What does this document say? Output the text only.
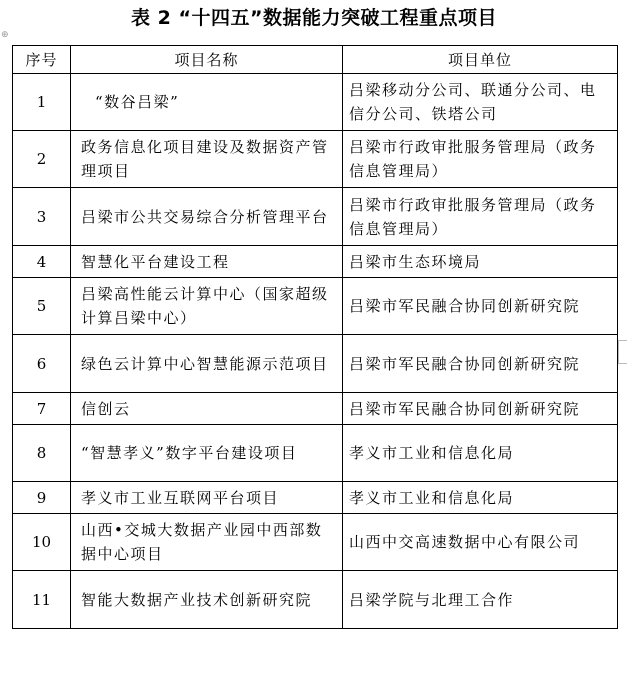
表 2 “十四五”数据能力突破工程重点项目
⊕
序号	项目名称	项目单位
1	“数谷吕梁”	吕梁移动分公司、联通分公司、电信分公司、铁塔公司
2	政务信息化项目建设及数据资产管理项目	吕梁市行政审批服务管理局（政务信息管理局）
3	吕梁市公共交易综合分析管理平台	吕梁市行政审批服务管理局（政务信息管理局）
4	智慧化平台建设工程	吕梁市生态环境局
5	吕梁高性能云计算中心（国家超级计算吕梁中心）	吕梁市军民融合协同创新研究院
6	绿色云计算中心智慧能源示范项目	吕梁市军民融合协同创新研究院
7	信创云	吕梁市军民融合协同创新研究院
8	“智慧孝义”数字平台建设项目	孝义市工业和信息化局
9	孝义市工业互联网平台项目	孝义市工业和信息化局
10	山西•交城大数据产业园中西部数据中心项目	山西中交高速数据中心有限公司
11	智能大数据产业技术创新研究院	吕梁学院与北理工合作
